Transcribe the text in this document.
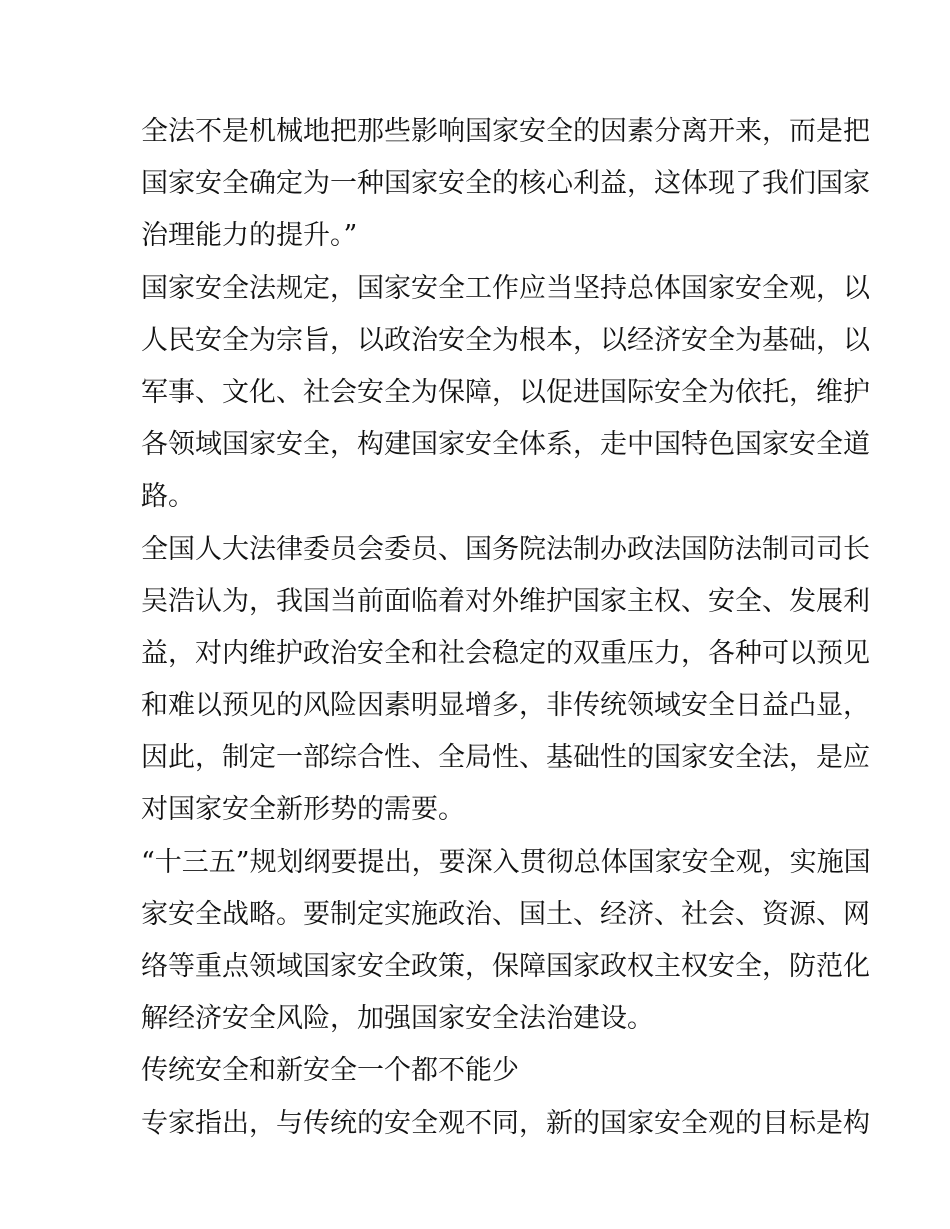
全法不是机械地把那些影响国家安全的因素分离开来，而是把
国家安全确定为一种国家安全的核心利益，这体现了我们国家
治理能力的提升。”

国家安全法规定，国家安全工作应当坚持总体国家安全观，以
人民安全为宗旨，以政治安全为根本，以经济安全为基础，以
军事、文化、社会安全为保障，以促进国际安全为依托，维护
各领域国家安全，构建国家安全体系，走中国特色国家安全道
路。

全国人大法律委员会委员、国务院法制办政法国防法制司司长
吴浩认为，我国当前面临着对外维护国家主权、安全、发展利
益，对内维护政治安全和社会稳定的双重压力，各种可以预见
和难以预见的风险因素明显增多，非传统领域安全日益凸显，
因此，制定一部综合性、全局性、基础性的国家安全法，是应
对国家安全新形势的需要。

“十三五”规划纲要提出，要深入贯彻总体国家安全观，实施国
家安全战略。要制定实施政治、国土、经济、社会、资源、网
络等重点领域国家安全政策，保障国家政权主权安全，防范化
解经济安全风险，加强国家安全法治建设。

传统安全和新安全一个都不能少

专家指出，与传统的安全观不同，新的国家安全观的目标是构
